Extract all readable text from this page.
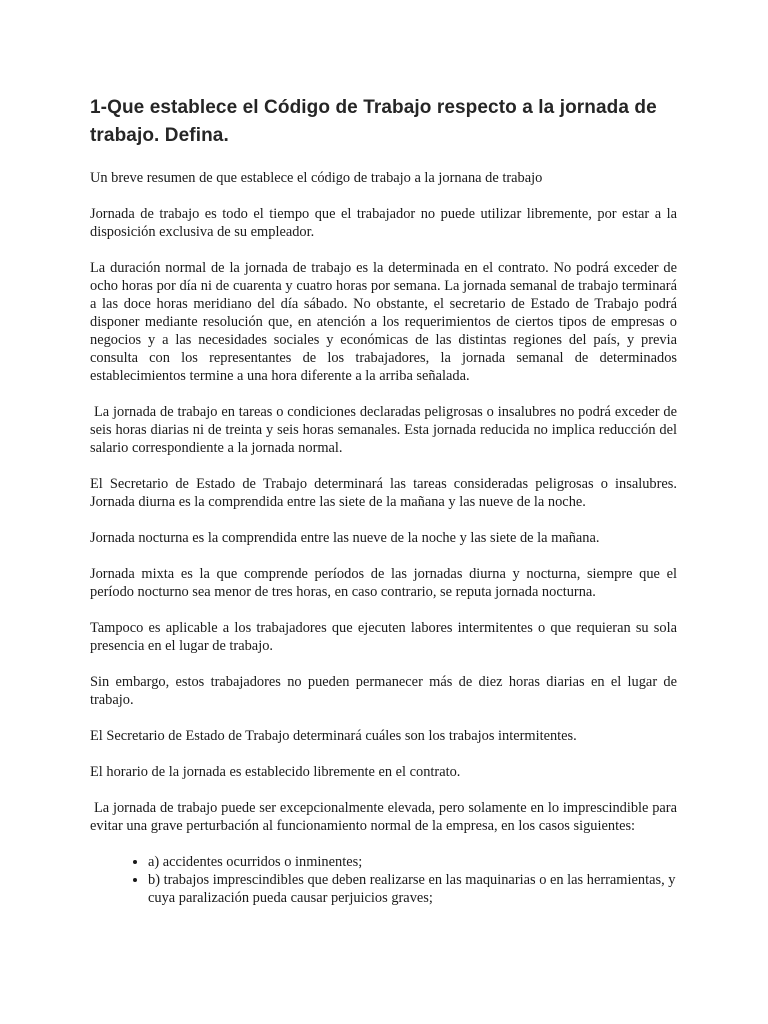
1-Que establece el Código de Trabajo respecto a la jornada de trabajo. Defina.

Un breve resumen de que establece el código de trabajo a la jornana de trabajo

Jornada de trabajo es todo el tiempo que el trabajador no puede utilizar libremente, por estar a la disposición exclusiva de su empleador.

La duración normal de la jornada de trabajo es la determinada en el contrato. No podrá exceder de ocho horas por día ni de cuarenta y cuatro horas por semana. La jornada semanal de trabajo terminará a las doce horas meridiano del día sábado. No obstante, el secretario de Estado de Trabajo podrá disponer mediante resolución que, en atención a los requerimientos de ciertos tipos de empresas o negocios y a las necesidades sociales y económicas de las distintas regiones del país, y previa consulta con los representantes de los trabajadores, la jornada semanal de determinados establecimientos termine a una hora diferente a la arriba señalada.

La jornada de trabajo en tareas o condiciones declaradas peligrosas o insalubres no podrá exceder de seis horas diarias ni de treinta y seis horas semanales. Esta jornada reducida no implica reducción del salario correspondiente a la jornada normal.

El Secretario de Estado de Trabajo determinará las tareas consideradas peligrosas o insalubres. Jornada diurna es la comprendida entre las siete de la mañana y las nueve de la noche.

Jornada nocturna es la comprendida entre las nueve de la noche y las siete de la mañana.

Jornada mixta es la que comprende períodos de las jornadas diurna y nocturna, siempre que el período nocturno sea menor de tres horas, en caso contrario, se reputa jornada nocturna.

Tampoco es aplicable a los trabajadores que ejecuten labores intermitentes o que requieran su sola presencia en el lugar de trabajo.

Sin embargo, estos trabajadores no pueden permanecer más de diez horas diarias en el lugar de trabajo.

El Secretario de Estado de Trabajo determinará cuáles son los trabajos intermitentes.

El horario de la jornada es establecido libremente en el contrato.

La jornada de trabajo puede ser excepcionalmente elevada, pero solamente en lo imprescindible para evitar una grave perturbación al funcionamiento normal de la empresa, en los casos siguientes:

• a) accidentes ocurridos o inminentes;
• b) trabajos imprescindibles que deben realizarse en las maquinarias o en las herramientas, y cuya paralización pueda causar perjuicios graves;
